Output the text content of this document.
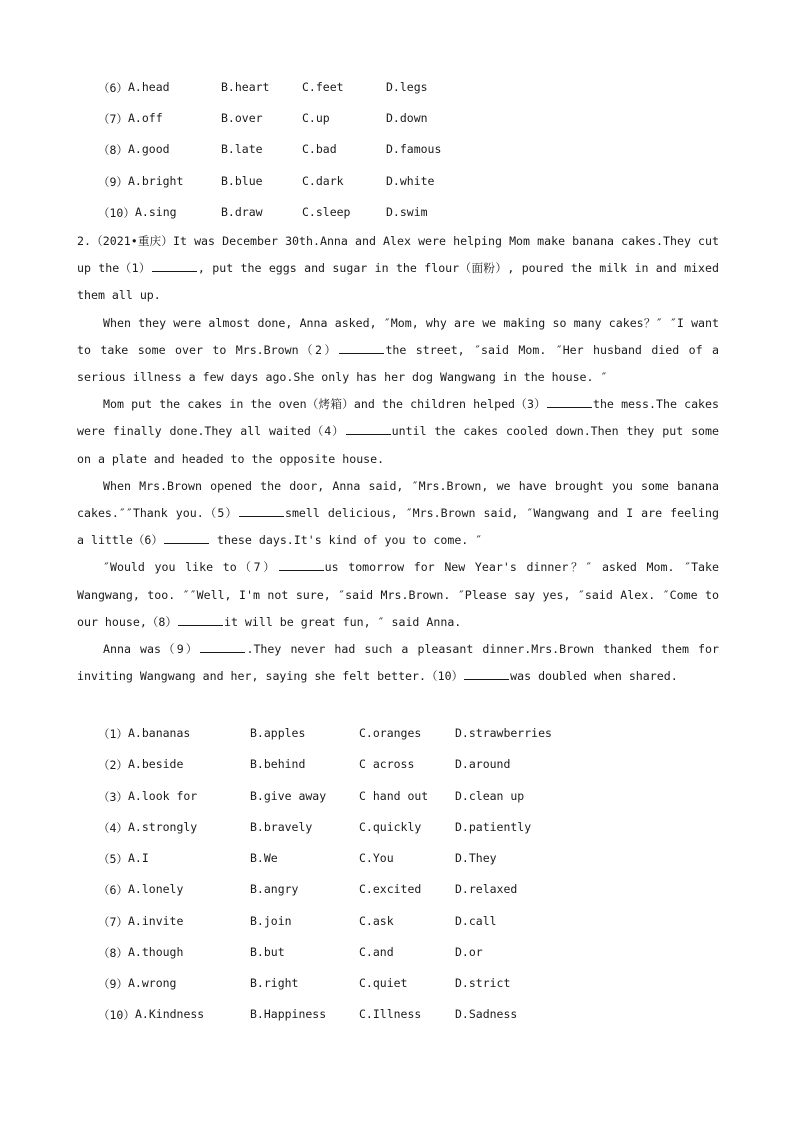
（6） A.head	B.heart	C.feet	D.legs
（7） A.off	B.over	C.up	D.down
（8） A.good	B.late	C.bad	D.famous
（9） A.bright	B.blue	C.dark	D.white
（10） A.sing	B.draw	C.sleep	D.swim

2.（2021•重庆）It was December 30th.Anna and Alex were helping Mom make banana cakes.They cut up the（1）	, put the eggs and sugar in the flour（面粉）, poured the milk in and mixed them all up.

When they were almost done, Anna asked, ″Mom, why are we making so many cakes？″ ″I want to take some over to Mrs.Brown（2）	the street, ″said Mom. ″Her husband died of a serious illness a few days ago.She only has her dog Wangwang in the house. ″

Mom put the cakes in the oven（烤箱）and the children helped（3）	the mess.The cakes were finally done.They all waited（4）	until the cakes cooled down.Then they put some on a plate and headed to the opposite house.

When Mrs.Brown opened the door, Anna said, ″Mrs.Brown, we have brought you some banana cakes.″″Thank you.（5）	smell delicious, ″Mrs.Brown said, ″Wangwang and I are feeling a little（6）	these days.It's kind of you to come. ″

″Would you like to（7）	us tomorrow for New Year's dinner？″ asked Mom. ″Take Wangwang, too. ″″Well, I'm not sure, ″said Mrs.Brown. ″Please say yes, ″said Alex. ″Come to our house,（8）	it will be great fun, ″ said Anna.

Anna was（9）	.They never had such a pleasant dinner.Mrs.Brown thanked them for inviting Wangwang and her, saying she felt better.（10）	was doubled when shared.

（1） A.bananas	B.apples	C.oranges	D.strawberries
（2） A.beside	B.behind	C across	D.around
（3） A.look for	B.give away	C hand out D.clean up
（4） A.strongly	B.bravely	C.quickly	D.patiently
（5） A.I	B.We	C.You	D.They
（6） A.lonely	B.angry	C.excited	D.relaxed
（7） A.invite	B.join	C.ask	D.call
（8） A.though	B.but	C.and	D.or
（9） A.wrong	B.right	C.quiet	D.strict
（10） A.Kindness	B.Happiness	C.Illness	D.Sadness
